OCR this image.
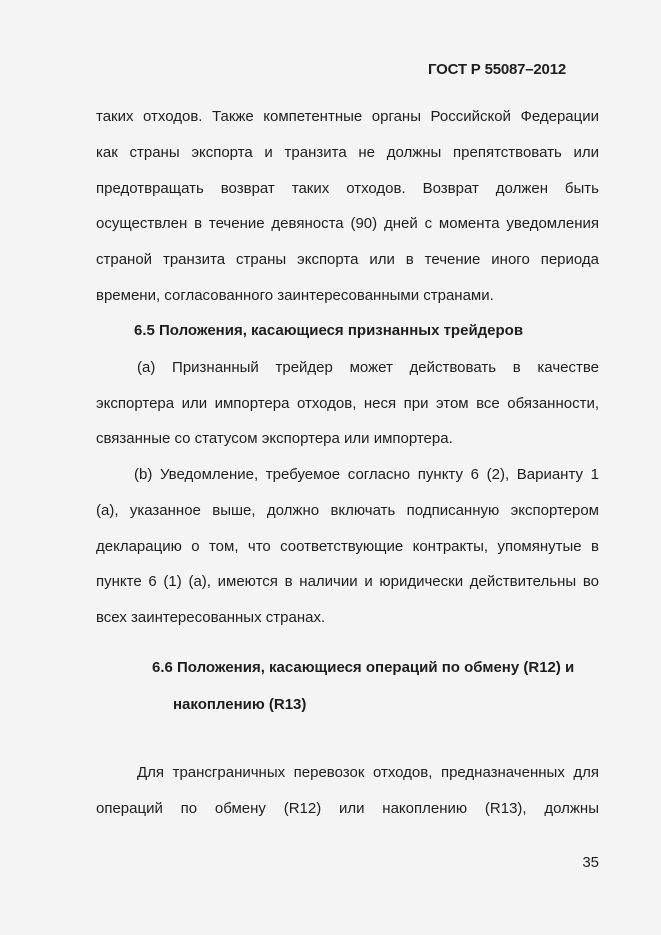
ГОСТ Р 55087–2012
таких отходов. Также компетентные органы Российской Федерации
как страны экспорта и транзита не должны препятствовать или
предотвращать возврат таких отходов. Возврат должен быть
осуществлен в течение девяноста (90) дней с момента уведомления
страной транзита страны экспорта или в течение иного периода
времени, согласованного заинтересованными странами.
6.5 Положения, касающиеся признанных трейдеров
(a) Признанный трейдер может действовать в качестве
экспортера или импортера отходов, неся при этом все обязанности,
связанные со статусом экспортера или импортера.
(b) Уведомление, требуемое согласно пункту 6 (2), Варианту 1
(a), указанное выше, должно включать подписанную экспортером
декларацию о том, что соответствующие контракты, упомянутые в
пункте 6 (1) (a), имеются в наличии и юридически действительны во
всех заинтересованных странах.
6.6 Положения, касающиеся операций по обмену (R12) и
накоплению (R13)
Для трансграничных перевозок отходов, предназначенных для
операций по обмену (R12) или накоплению (R13), должны
35
